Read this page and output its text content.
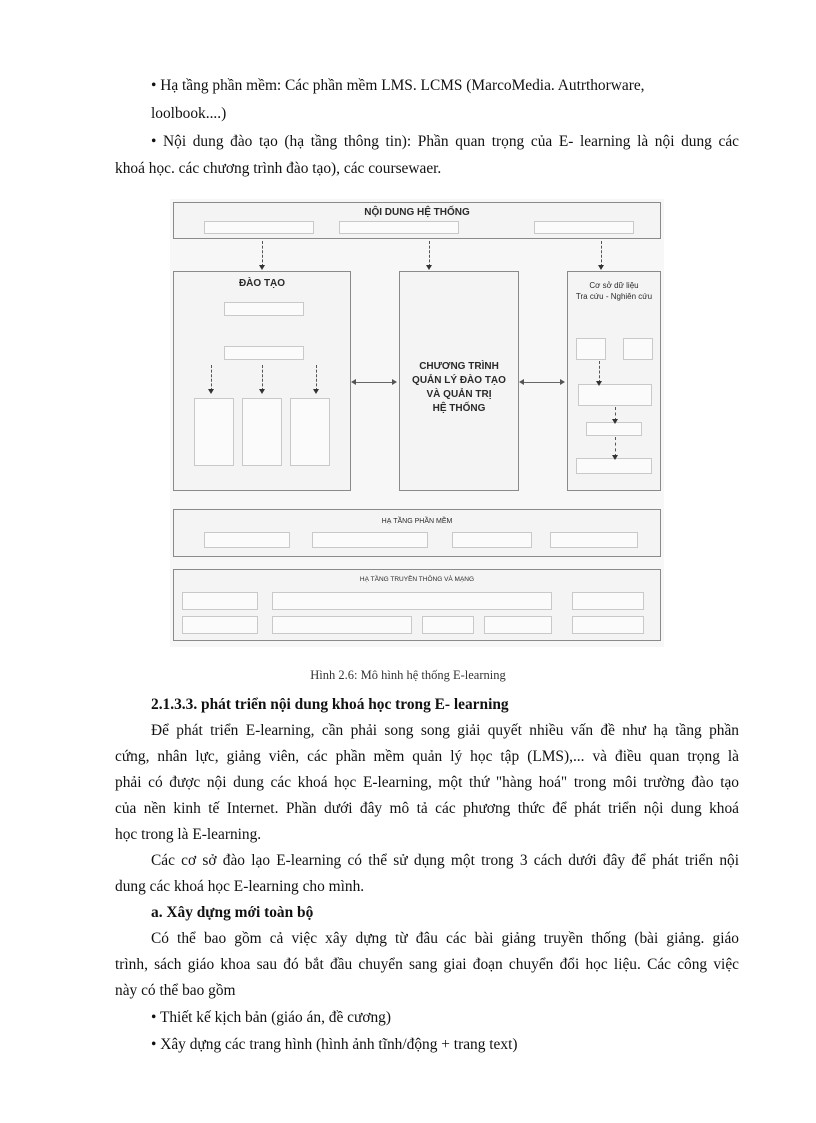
• Hạ tầng phần mềm: Các phần mềm LMS. LCMS (MarcoMedia. Autrthorware,
loolbook....)
• Nội dung đào tạo (hạ tầng thông tin): Phần quan trọng của E- learning là nội dung các
khoá học. các chương trình đào tạo), các coursewaer.
NỘI DUNG HỆ THỐNG
ĐÀO TẠO
CHƯƠNG TRÌNH
QUẢN LÝ ĐÀO TẠO
VÀ QUẢN TRỊ
HỆ THỐNG
Cơ sở dữ liệu
Tra cứu - Nghiên cứu
HẠ TẦNG PHẦN MỀM
HẠ TẦNG TRUYỀN THÔNG VÀ MẠNG
Hình 2.6: Mô hình hệ thống E-learning
2.1.3.3. phát triển nội dung khoá học trong E- learning
Để phát triển E-learning, cần phải song song giải quyết nhiều vấn đề như hạ tầng phần
cứng, nhân lực, giảng viên, các phần mềm quản lý học tập (LMS),... và điều quan trọng là
phải có được nội dung các khoá học E-learning, một thứ "hàng hoá" trong môi trường đào tạo
của nền kinh tế Internet. Phần dưới đây mô tả các phương thức để phát triển nội dung khoá
học trong là E-learning.
Các cơ sở đào lạo E-learning có thể sử dụng một trong 3 cách dưới đây để phát triển nội
dung các khoá học E-learning cho mình.
a. Xây dựng mới toàn bộ
Có thể bao gồm cả việc xây dựng từ đâu các bài giảng truyền thống (bài giảng. giáo
trình, sách giáo khoa sau đó bắt đầu chuyển sang giai đoạn chuyển đổi học liệu. Các công việc
này có thể bao gồm
• Thiết kế kịch bản (giáo án, đề cương)
• Xây dựng các trang hình (hình ảnh tĩnh/động + trang text)
